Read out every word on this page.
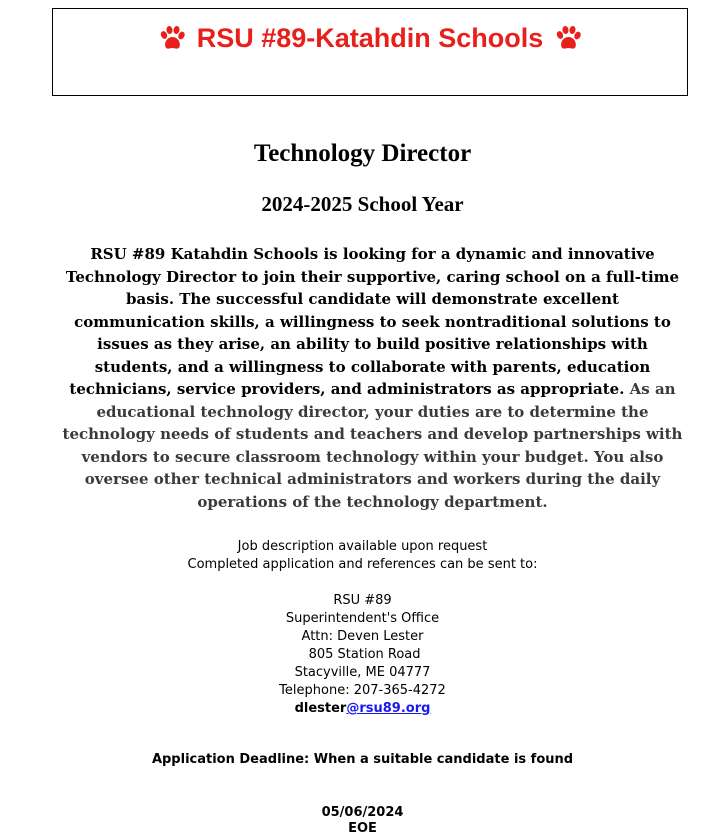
RSU #89-Katahdin Schools
Technology Director
2024-2025 School Year

RSU #89 Katahdin Schools is looking for a dynamic and innovative Technology Director to join their supportive, caring school on a full-time basis. The successful candidate will demonstrate excellent communication skills, a willingness to seek nontraditional solutions to issues as they arise, an ability to build positive relationships with students, and a willingness to collaborate with parents, education technicians, service providers, and administrators as appropriate. As an educational technology director, your duties are to determine the technology needs of students and teachers and develop partnerships with vendors to secure classroom technology within your budget. You also oversee other technical administrators and workers during the daily operations of the technology department.

Job description available upon request

Completed application and references can be sent to:

RSU #89

Superintendent's Office

Attn: Deven Lester

805 Station Road

Stacyville, ME 04777

Telephone: 207-365-4272

dlester@rsu89.org

Application Deadline: When a suitable candidate is found

05/06/2024

EOE
